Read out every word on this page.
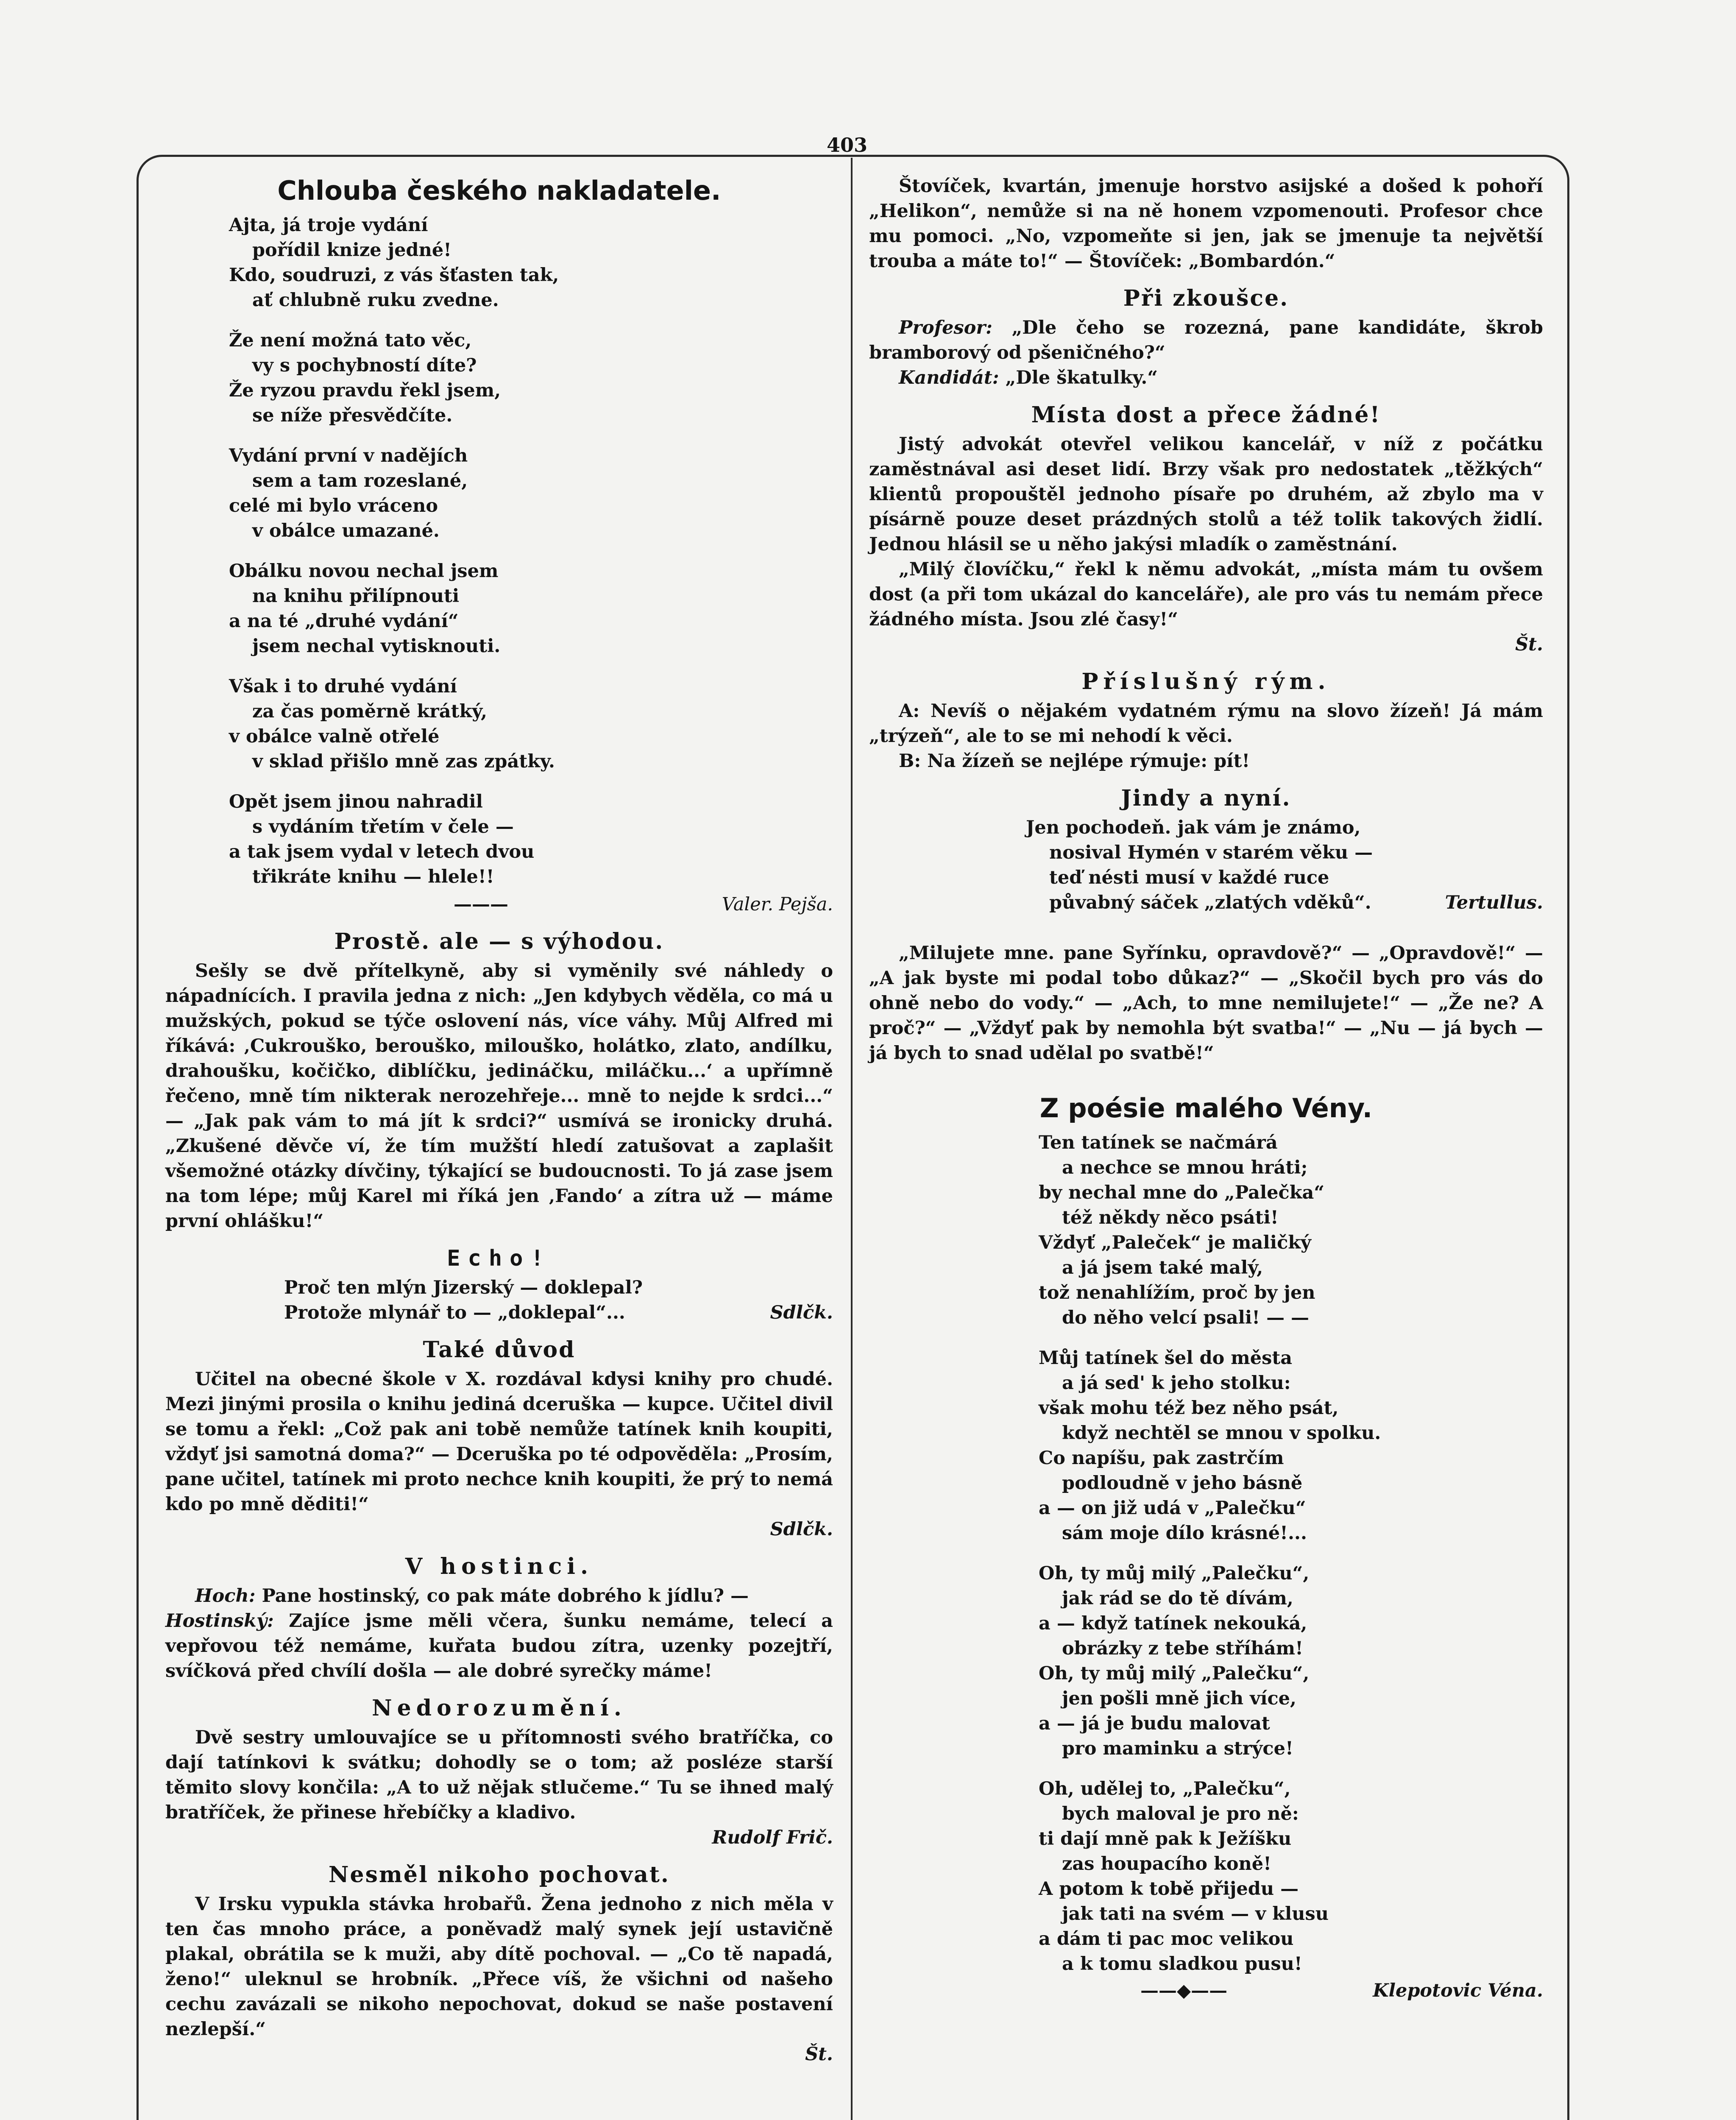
403
Chlouba českého nakladatele.
Ajta, já troje vydání
pořídil knize jedné!
Kdo, soudruzi, z vás šťasten tak,
ať chlubně ruku zvedne.
Že není možná tato věc,
vy s pochybností díte?
Že ryzou pravdu řekl jsem,
se níže přesvědčíte.
Vydání první v nadějích
sem a tam rozeslané,
celé mi bylo vráceno
v obálce umazané.
Obálku novou nechal jsem
na knihu přilípnouti
a na té „druhé vydání“
jsem nechal vytisknouti.
Však i to druhé vydání
za čas poměrně krátký,
v obálce valně otřelé
v sklad přišlo mně zas zpátky.
Opět jsem jinou nahradil
s vydáním třetím v čele —
a tak jsem vydal v letech dvou
třikráte knihu — hlele!!
———	Valer. Pejša.
Prostě. ale — s výhodou.

Sešly se dvě přítelkyně, aby si vyměnily své náhledy o nápadnících. I pravila jedna z nich: „Jen kdybych věděla, co má u mužských, pokud se týče oslovení nás, více váhy. Můj Alfred mi říkává: ‚Cukrouško, berouško, milouško, holátko, zlato, andílku, drahoušku, kočičko, diblíčku, jedináčku, miláčku...‘ a upřímně řečeno, mně tím nikterak nerozehřeje... mně to nejde k srdci...“ — „Jak pak vám to má jít k srdci?“ usmívá se ironicky druhá. „Zkušené děvče ví, že tím mužští hledí zatušovat a zaplašit všemožné otázky dívčiny, týkající se budoucnosti. To já zase jsem na tom lépe; můj Karel mi říká jen ‚Fando‘ a zítra už — máme první ohlášku!“

Echo!
Proč ten mlýn Jizerský — doklepal?
Protože mlynář to — „doklepal“...	Sdlčk.
Také důvod

Učitel na obecné škole v X. rozdával kdysi knihy pro chudé. Mezi jinými prosila o knihu jediná dceruška — kupce. Učitel divil se tomu a řekl: „Což pak ani tobě nemůže tatínek knih koupiti, vždyť jsi samotná doma?“ — Dceruška po té odpověděla: „Prosím, pane učitel, tatínek mi proto nechce knih koupiti, že prý to nemá kdo po mně děditi!“

Sdlčk.
V hostinci.

Hoch: Pane hostinský, co pak máte dobrého k jídlu? —

Hostinský: Zajíce jsme měli včera, šunku nemáme, telecí a vepřovou též nemáme, kuřata budou zítra, uzenky pozejtří, svíčková před chvílí došla — ale dobré syrečky máme!

Nedorozumění.

Dvě sestry umlouvajíce se u přítomnosti svého bratříčka, co dají tatínkovi k svátku; dohodly se o tom; až posléze starší těmito slovy končila: „A to už nějak stlučeme.“ Tu se ihned malý bratříček, že přinese hřebíčky a kladivo.

Rudolf Frič.
Nesměl nikoho pochovat.

V Irsku vypukla stávka hrobařů. Žena jednoho z nich měla v ten čas mnoho práce, a poněvadž malý synek její ustavičně plakal, obrátila se k muži, aby dítě pochoval. — „Co tě napadá, ženo!“ uleknul se hrobník. „Přece víš, že všichni od našeho cechu zavázali se nikoho nepochovat, dokud se naše postavení nezlepší.“

Št.

Štovíček, kvartán, jmenuje horstvo asijské a došed k pohoří „Helikon“, nemůže si na ně honem vzpomenouti. Profesor chce mu pomoci. „No, vzpomeňte si jen, jak se jmenuje ta největší trouba a máte to!“ — Štovíček: „Bombardón.“

Při zkoušce.

Profesor: „Dle čeho se rozezná, pane kandidáte, škrob bramborový od pšeničného?“

Kandidát: „Dle škatulky.“

Místa dost a přece žádné!

Jistý advokát otevřel velikou kancelář, v níž z počátku zaměstnával asi deset lidí. Brzy však pro nedostatek „těžkých“ klientů propouštěl jednoho písaře po druhém, až zbylo ma v písárně pouze deset prázdných stolů a též tolik takových židlí. Jednou hlásil se u něho jakýsi mladík o zaměstnání.

„Milý človíčku,“ řekl k němu advokát, „místa mám tu ovšem dost (a při tom ukázal do kanceláře), ale pro vás tu nemám přece žádného místa. Jsou zlé časy!“

Št.
Příslušný rým.

A: Nevíš o nějakém vydatném rýmu na slovo žízeň! Já mám „trýzeň“, ale to se mi nehodí k věci.

B: Na žízeň se nejlépe rýmuje: pít!

Jindy a nyní.
Jen pochodeň. jak vám je známo,
nosival Hymén v starém věku —
teď nésti musí v každé ruce
půvabný sáček „zlatých vděků“.	Tertullus.

„Milujete mne. pane Syřínku, opravdově?“ — „Opravdově!“ — „A jak byste mi podal tobo důkaz?“ — „Skočil bych pro vás do ohně nebo do vody.“ — „Ach, to mne nemilujete!“ — „Že ne? A proč?“ — „Vždyť pak by nemohla být svatba!“ — „Nu — já bych — já bych to snad udělal po svatbě!“

Z poésie malého Vény.
Ten tatínek se načmárá
a nechce se mnou hráti;
by nechal mne do „Palečka“
též někdy něco psáti!
Vždyť „Paleček“ je maličký
a já jsem také malý,
tož nenahlížím, proč by jen
do něho velcí psali! — —
Můj tatínek šel do města
a já sed' k jeho stolku:
však mohu též bez něho psát,
když nechtěl se mnou v spolku.
Co napíšu, pak zastrčím
podloudně v jeho básně
a — on již udá v „Palečku“
sám moje dílo krásné!...
Oh, ty můj milý „Palečku“,
jak rád se do tě dívám,
a — když tatínek nekouká,
obrázky z tebe stříhám!
Oh, ty můj milý „Palečku“,
jen pošli mně jich více,
a — já je budu malovat
pro maminku a strýce!
Oh, udělej to, „Palečku“,
bych maloval je pro ně:
ti dají mně pak k Ježíšku
zas houpacího koně!
A potom k tobě přijedu —
jak tati na svém — v klusu
a dám ti pac moc velikou
a k tomu sladkou pusu!
——◆——	Klepotovic Véna.
